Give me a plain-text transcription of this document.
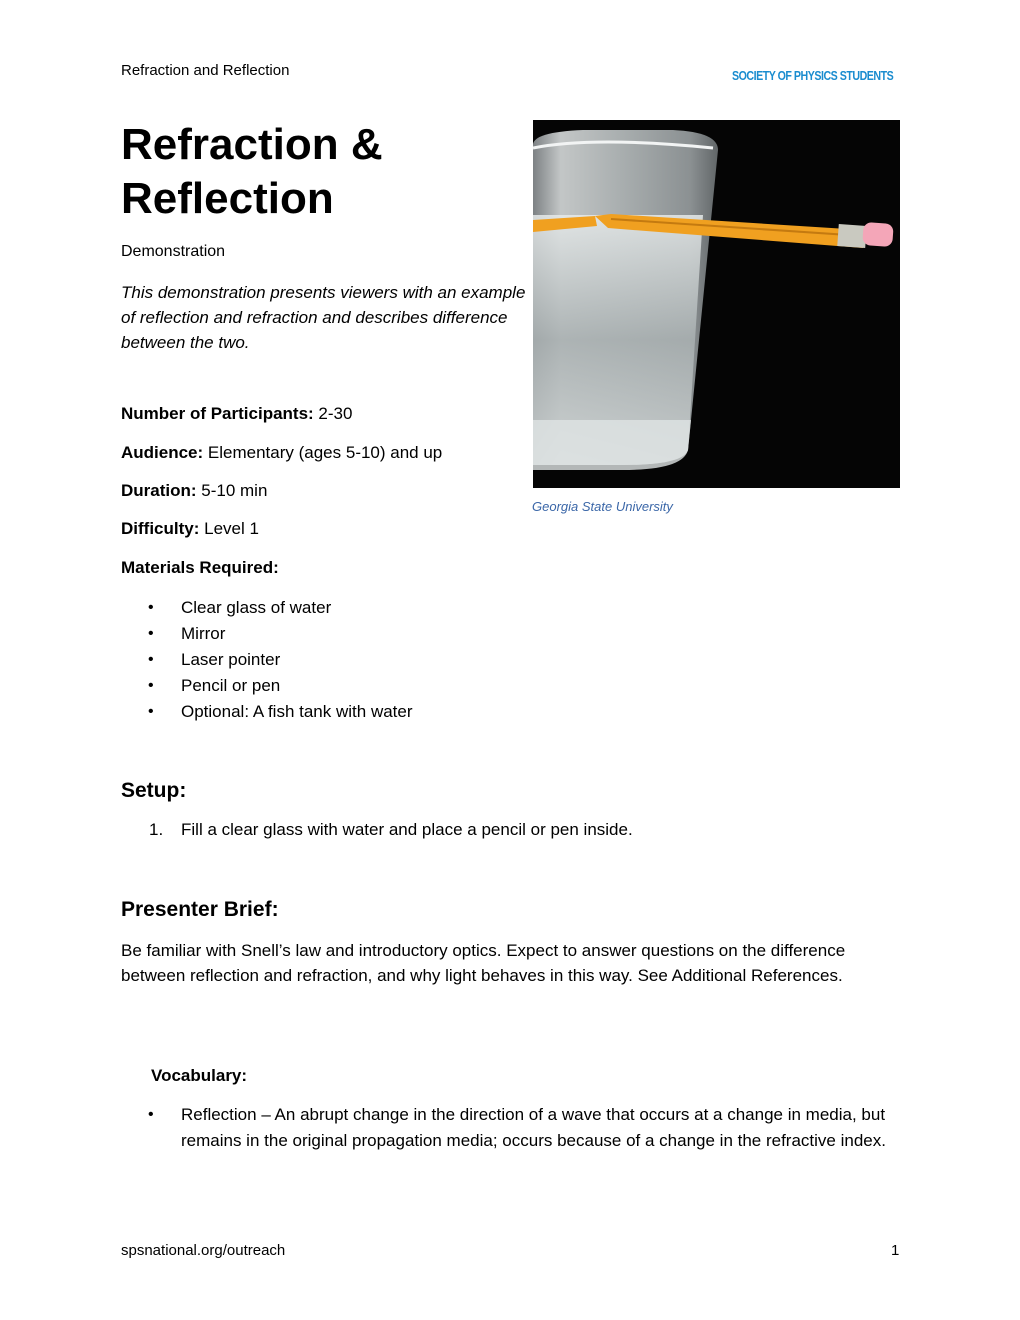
Refraction and Reflection	SOCIETY OF PHYSICS STUDENTS
Refraction & Reflection
Demonstration
This demonstration presents viewers with an example of reflection and refraction and describes difference between the two.
Number of Participants: 2-30
Audience: Elementary (ages 5-10) and up
Duration: 5-10 min
Difficulty: Level 1
Materials Required:
• Clear glass of water
• Mirror
• Laser pointer
• Pencil or pen
• Optional: A fish tank with water
Georgia State University
Setup:
1. Fill a clear glass with water and place a pencil or pen inside.
Presenter Brief:
Be familiar with Snell’s law and introductory optics. Expect to answer questions on the difference between reflection and refraction, and why light behaves in this way. See Additional References.
Vocabulary:
• Reflection – An abrupt change in the direction of a wave that occurs at a change in media, but remains in the original propagation media; occurs because of a change in the refractive index.
spsnational.org/outreach	1
